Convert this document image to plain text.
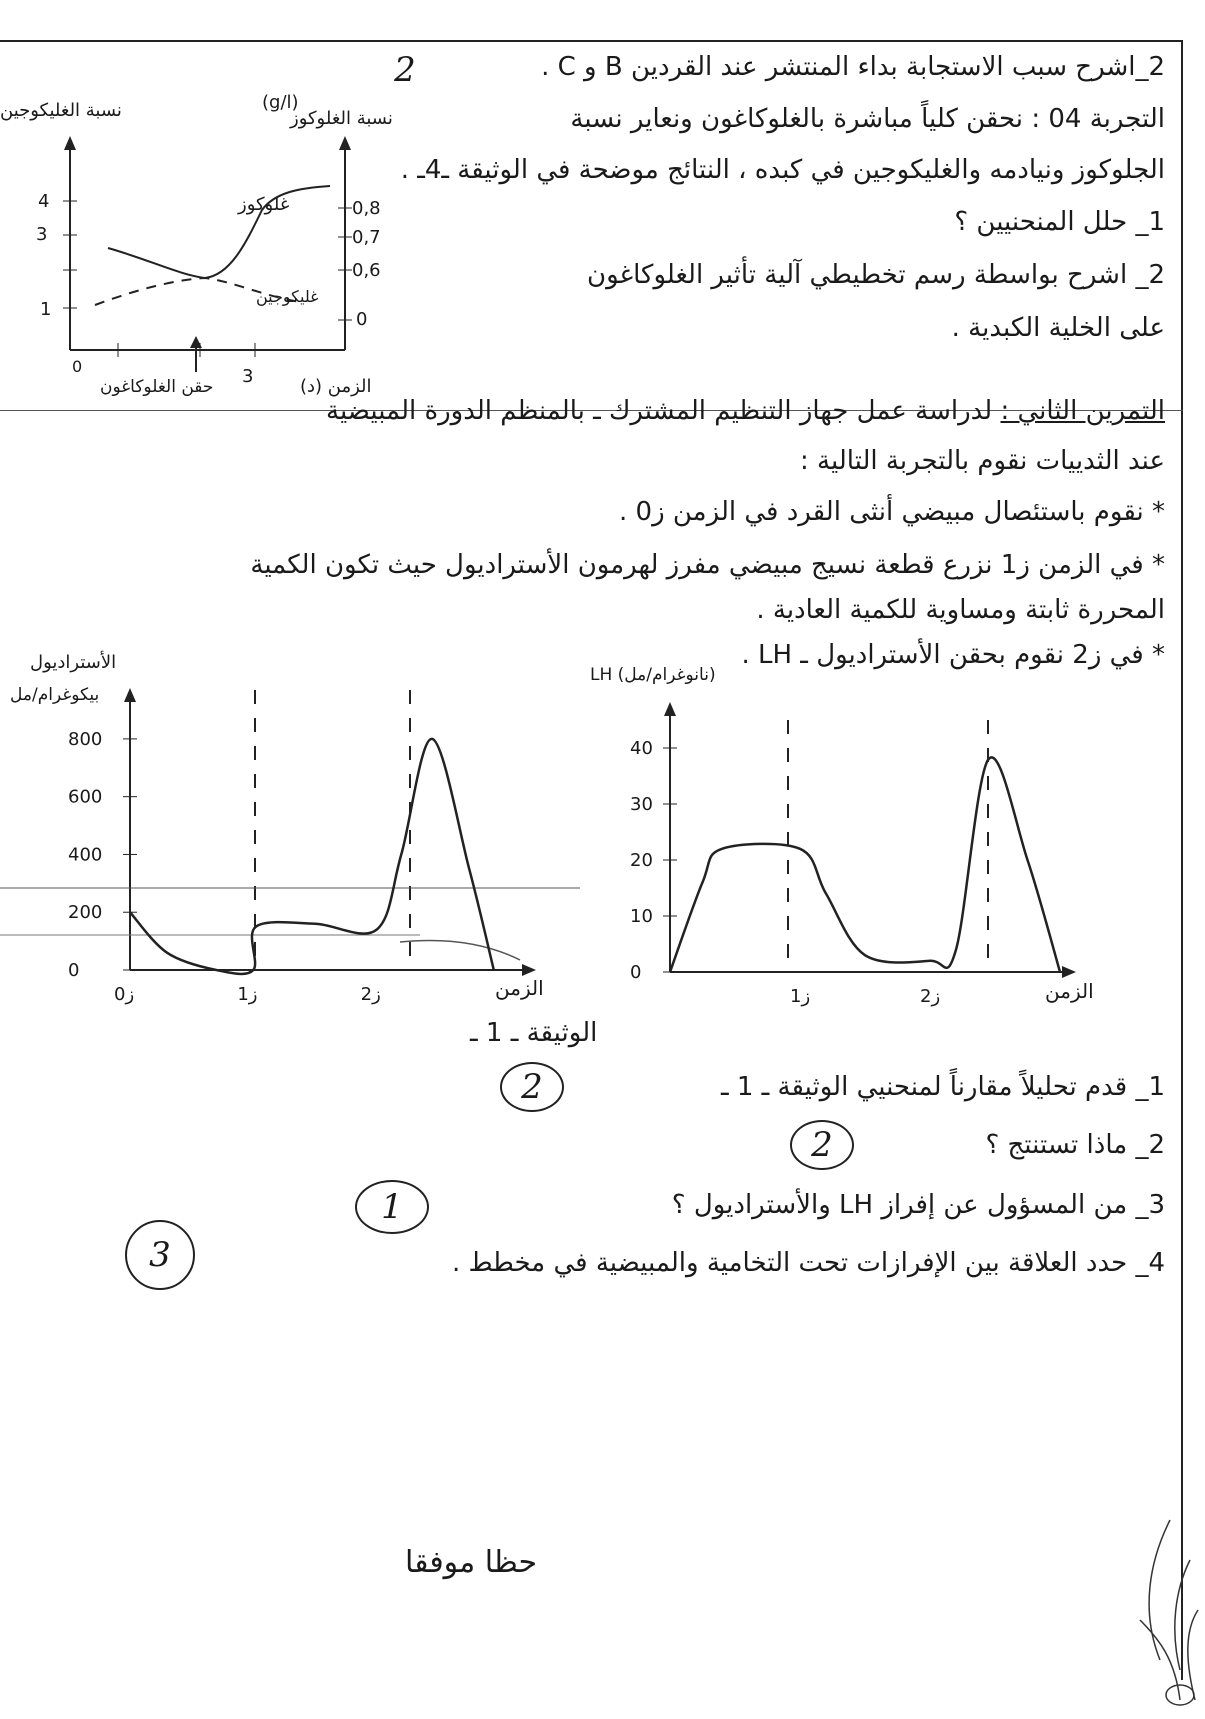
2_اشرح سبب الاستجابة بداء المنتشر عند القردين B و C .
2
التجربة 04 : نحقن كلياً مباشرة بالغلوكاغون ونعاير نسبة
الجلوكوز ونيادمه والغليكوجين في كبده ، النتائج موضحة في الوثيقة ـ4ـ .
1_ حلل المنحنيين ؟
2_ اشرح بواسطة رسم تخطيطي آلية تأثير الغلوكاغون
على الخلية الكبدية .
نسبة الغليكوجين	نسبة الغلوكوز
(g/l)
4
3
1
0,8
0,7
0,6
0
0	3
حقن الغلوكاغون	الزمن (د)
غلوكوز
غليكوجين
التمرين الثاني : لدراسة عمل جهاز التنظيم المشترك ـ بالمنظم الدورة المبيضية
عند الثدييات نقوم بالتجربة التالية :
* نقوم باستئصال مبيضي أنثى القرد في الزمن ز0 .
* في الزمن ز1 نزرع قطعة نسيج مبيضي مفرز لهرمون الأستراديول حيث تكون الكمية
المحررة ثابتة ومساوية للكمية العادية .
* في ز2 نقوم بحقن الأستراديول ـ LH .
الأستراديول
بيكوغرام/مل
800
600
400
200
0
ز0	ز1	ز2	الزمن
LH (نانوغرام/مل)
40
30
20
10
0
ز1	ز2	الزمن
الوثيقة ـ 1 ـ
1_ قدم تحليلاً مقارناً لمنحنيي الوثيقة ـ 1 ـ
2
2_ ماذا تستنتج ؟
2
3_ من المسؤول عن إفراز LH والأستراديول ؟
1
4_ حدد العلاقة بين الإفرازات تحت التخامية والمبيضية في مخطط .
3
حظا موفقا
